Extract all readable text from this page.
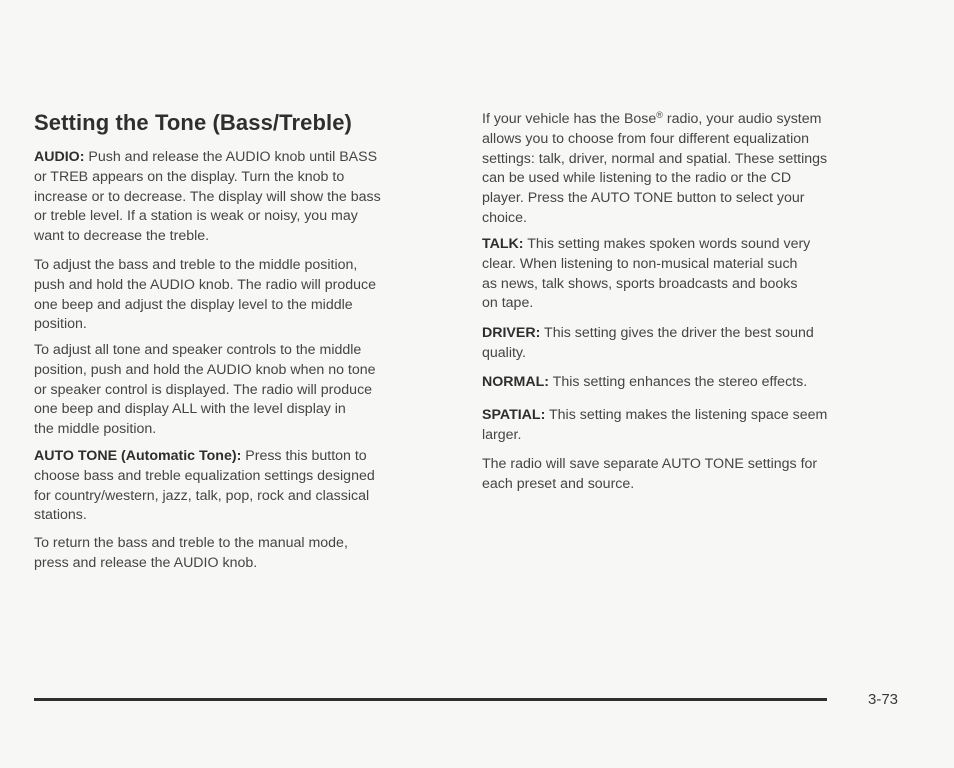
Setting the Tone (Bass/Treble)

AUDIO: Push and release the AUDIO knob until BASS
or TREB appears on the display. Turn the knob to
increase or to decrease. The display will show the bass
or treble level. If a station is weak or noisy, you may
want to decrease the treble.

To adjust the bass and treble to the middle position,
push and hold the AUDIO knob. The radio will produce
one beep and adjust the display level to the middle
position.

To adjust all tone and speaker controls to the middle
position, push and hold the AUDIO knob when no tone
or speaker control is displayed. The radio will produce
one beep and display ALL with the level display in
the middle position.

AUTO TONE (Automatic Tone): Press this button to
choose bass and treble equalization settings designed
for country/western, jazz, talk, pop, rock and classical
stations.

To return the bass and treble to the manual mode,
press and release the AUDIO knob.

If your vehicle has the Bose® radio, your audio system
allows you to choose from four different equalization
settings: talk, driver, normal and spatial. These settings
can be used while listening to the radio or the CD
player. Press the AUTO TONE button to select your
choice.

TALK: This setting makes spoken words sound very
clear. When listening to non-musical material such
as news, talk shows, sports broadcasts and books
on tape.

DRIVER: This setting gives the driver the best sound
quality.

NORMAL: This setting enhances the stereo effects.

SPATIAL: This setting makes the listening space seem
larger.

The radio will save separate AUTO TONE settings for
each preset and source.

3-73
